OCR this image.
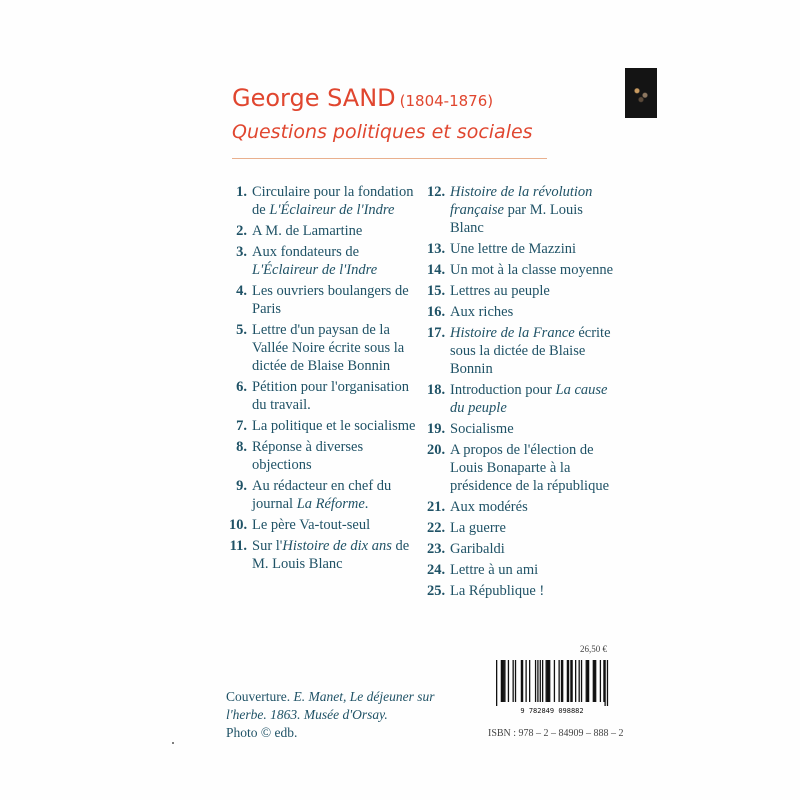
George SAND (1804-1876)
Questions politiques et sociales
1. Circulaire pour la fondation de L'Éclaireur de l'Indre
2. A M. de Lamartine
3. Aux fondateurs de L'Éclaireur de l'Indre
4. Les ouvriers boulangers de Paris
5. Lettre d'un paysan de la Vallée Noire écrite sous la dictée de Blaise Bonnin
6. Pétition pour l'organisation du travail.
7. La politique et le socialisme
8. Réponse à diverses objections
9. Au rédacteur en chef du journal La Réforme.
10. Le père Va-tout-seul
11. Sur l'Histoire de dix ans de M. Louis Blanc
12. Histoire de la révolution française par M. Louis Blanc
13. Une lettre de Mazzini
14. Un mot à la classe moyenne
15. Lettres au peuple
16. Aux riches
17. Histoire de la France écrite sous la dictée de Blaise Bonnin
18. Introduction pour La cause du peuple
19. Socialisme
20. A propos de l'élection de Louis Bonaparte à la présidence de la république
21. Aux modérés
22. La guerre
23. Garibaldi
24. Lettre à un ami
25. La République !
26,50 €
9 782849 098882
ISBN : 978 – 2 – 84909 – 888 – 2
Couverture. E. Manet, Le déjeuner sur l'herbe. 1863. Musée d'Orsay.
Photo © edb.
